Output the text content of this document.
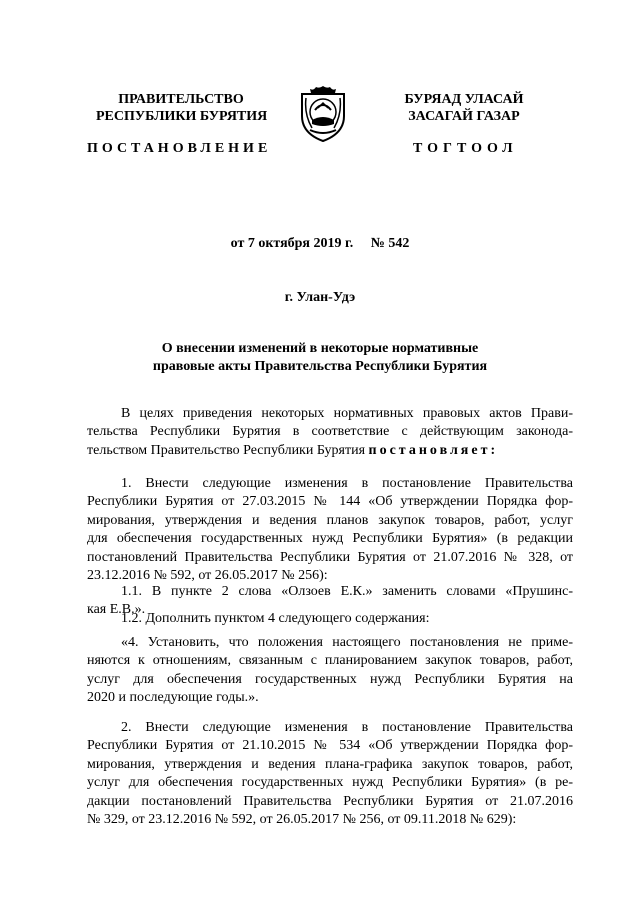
ПРАВИТЕЛЬСТВО
РЕСПУБЛИКИ БУРЯТИЯ
БУРЯАД УЛАСАЙ
ЗАСАГАЙ ГАЗАР
ПОСТАНОВЛЕНИЕ	ТОГТООЛ
от 7 октября 2019 г.     № 542
г. Улан-Удэ
О внесении изменений в некоторые нормативные
правовые акты Правительства Республики Бурятия
В целях приведения некоторых нормативных правовых актов Прави-
тельства Республики Бурятия в соответствие с действующим законода-
тельством Правительство Республики Бурятия постановляет:
1. Внести следующие изменения в постановление Правительства
Республики Бурятия от 27.03.2015 № 144 «Об утверждении Порядка фор-
мирования, утверждения и ведения планов закупок товаров, работ, услуг
для обеспечения государственных нужд Республики Бурятия» (в редакции
постановлений Правительства Республики Бурятия от 21.07.2016 № 328, от
23.12.2016 № 592, от 26.05.2017 № 256):
1.1. В пункте 2 слова «Олзоев Е.К.» заменить словами «Прушинс-
кая Е.В.».
1.2. Дополнить пунктом 4 следующего содержания:
«4. Установить, что положения настоящего постановления не приме-
няются к отношениям, связанным с планированием закупок товаров, работ,
услуг для обеспечения государственных нужд Республики Бурятия на
2020 и последующие годы.».
2. Внести следующие изменения в постановление Правительства
Республики Бурятия от 21.10.2015 № 534 «Об утверждении Порядка фор-
мирования, утверждения и ведения плана-графика закупок товаров, работ,
услуг для обеспечения государственных нужд Республики Бурятия» (в ре-
дакции постановлений Правительства Республики Бурятия от 21.07.2016
№ 329, от 23.12.2016 № 592, от 26.05.2017 № 256, от 09.11.2018 № 629):
